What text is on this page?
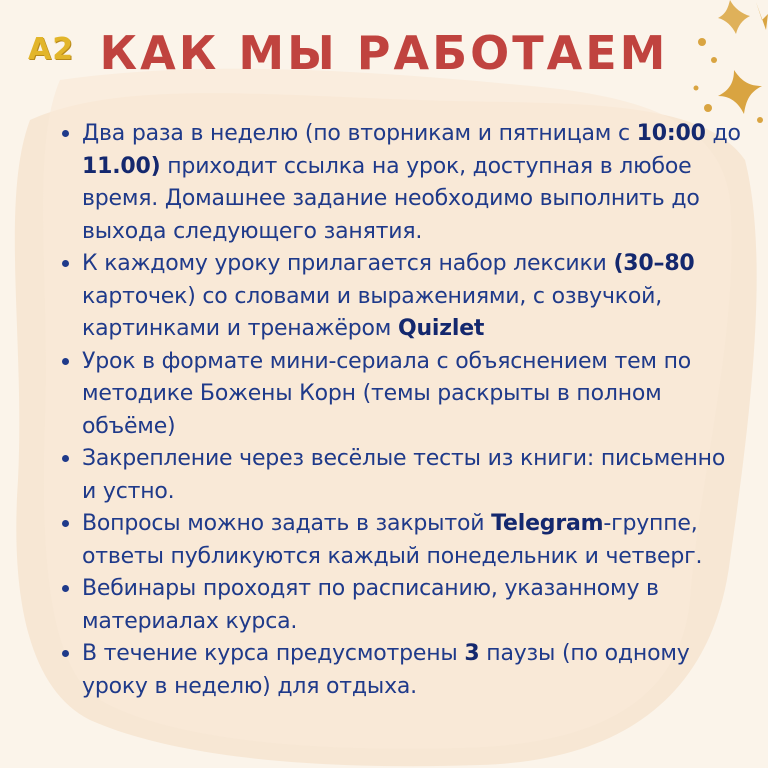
A2 КАК МЫ РАБОТАЕМ
Два раза в неделю (по вторникам и пятницам с 10:00 до 11.00) приходит ссылка на урок, доступная в любое время. Домашнее задание необходимо выполнить до выхода следующего занятия.
К каждому уроку прилагается набор лексики (30–80 карточек) со словами и выражениями, с озвучкой, картинками и тренажёром Quizlet
Урок в формате мини-сериала с объяснением тем по методике Божены Корн (темы раскрыты в полном объёме)
Закрепление через весёлые тесты из книги: письменно и устно.
Вопросы можно задать в закрытой Telegram-группе, ответы публикуются каждый понедельник и четверг.
Вебинары проходят по расписанию, указанному в материалах курса.
В течение курса предусмотрены 3 паузы (по одному уроку в неделю) для отдыха.
